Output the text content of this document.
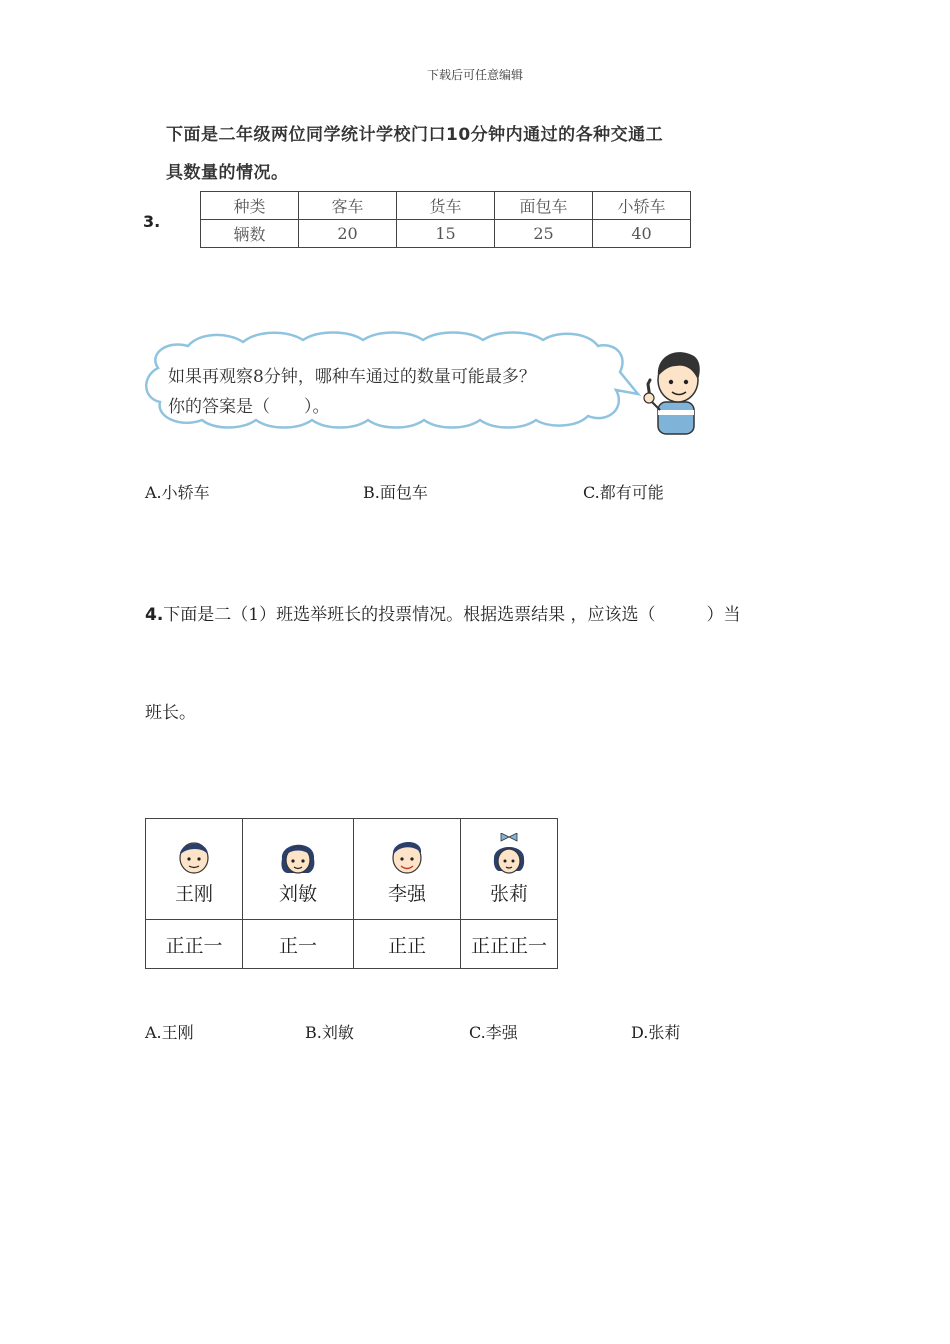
下载后可任意编辑
下面是二年级两位同学统计学校门口10分钟内通过的各种交通工
具数量的情况。
3.
种类	客车	货车	面包车	小轿车
辆数	20	15	25	40
如果再观察8分钟，哪种车通过的数量可能最多？
你的答案是（　　）。
A.小轿车	B.面包车	C.都有可能
4.下面是二（1）班选举班长的投票情况。根据选票结果 ，应该选（　　　）当
班长。
王刚	刘敏	李强	张莉

正正一	正一	正正	正正正一
A.王刚	B.刘敏	C.李强	D.张莉
